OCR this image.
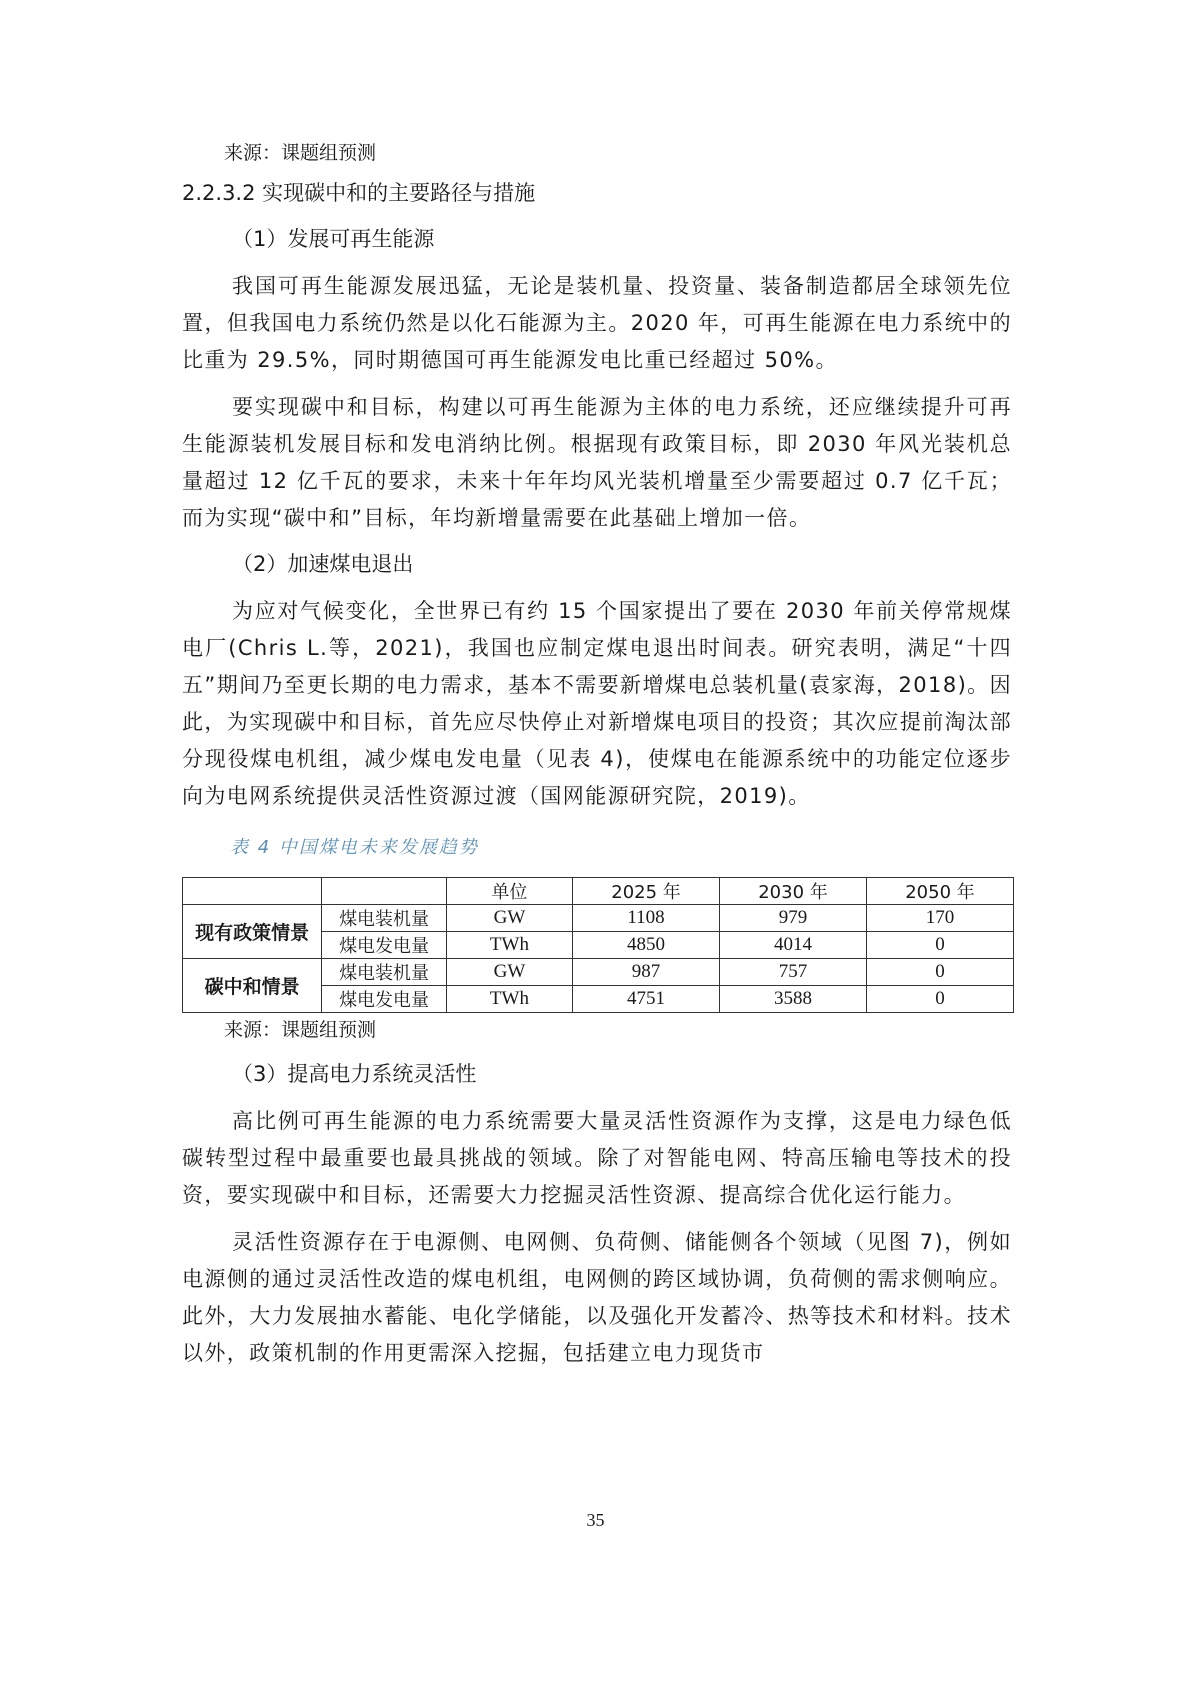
来源：课题组预测

2.2.3.2 实现碳中和的主要路径与措施

（1）发展可再生能源

我国可再生能源发展迅猛，无论是装机量、投资量、装备制造都居全球领先位置，但我国电力系统仍然是以化石能源为主。2020 年，可再生能源在电力系统中的比重为 29.5%，同时期德国可再生能源发电比重已经超过 50%。

要实现碳中和目标，构建以可再生能源为主体的电力系统，还应继续提升可再生能源装机发展目标和发电消纳比例。根据现有政策目标，即 2030 年风光装机总量超过 12 亿千瓦的要求，未来十年年均风光装机增量至少需要超过 0.7 亿千瓦；而为实现“碳中和”目标，年均新增量需要在此基础上增加一倍。

（2）加速煤电退出

为应对气候变化，全世界已有约 15 个国家提出了要在 2030 年前关停常规煤电厂(Chris L.等，2021)，我国也应制定煤电退出时间表。研究表明，满足“十四五”期间乃至更长期的电力需求，基本不需要新增煤电总装机量(袁家海，2018)。因此，为实现碳中和目标，首先应尽快停止对新增煤电项目的投资；其次应提前淘汰部分现役煤电机组，减少煤电发电量（见表 4)，使煤电在能源系统中的功能定位逐步向为电网系统提供灵活性资源过渡（国网能源研究院，2019)。

表 4 中国煤电未来发展趋势

		单位	2025 年	2030 年	2050 年
现有政策情景	煤电装机量	GW	1108	979	170
	煤电发电量	TWh	4850	4014	0
碳中和情景	煤电装机量	GW	987	757	0
	煤电发电量	TWh	4751	3588	0

来源：课题组预测

（3）提高电力系统灵活性

高比例可再生能源的电力系统需要大量灵活性资源作为支撑，这是电力绿色低碳转型过程中最重要也最具挑战的领域。除了对智能电网、特高压输电等技术的投资，要实现碳中和目标，还需要大力挖掘灵活性资源、提高综合优化运行能力。

灵活性资源存在于电源侧、电网侧、负荷侧、储能侧各个领域（见图 7)，例如电源侧的通过灵活性改造的煤电机组，电网侧的跨区域协调，负荷侧的需求侧响应。此外，大力发展抽水蓄能、电化学储能，以及强化开发蓄冷、热等技术和材料。技术以外，政策机制的作用更需深入挖掘，包括建立电力现货市

35
